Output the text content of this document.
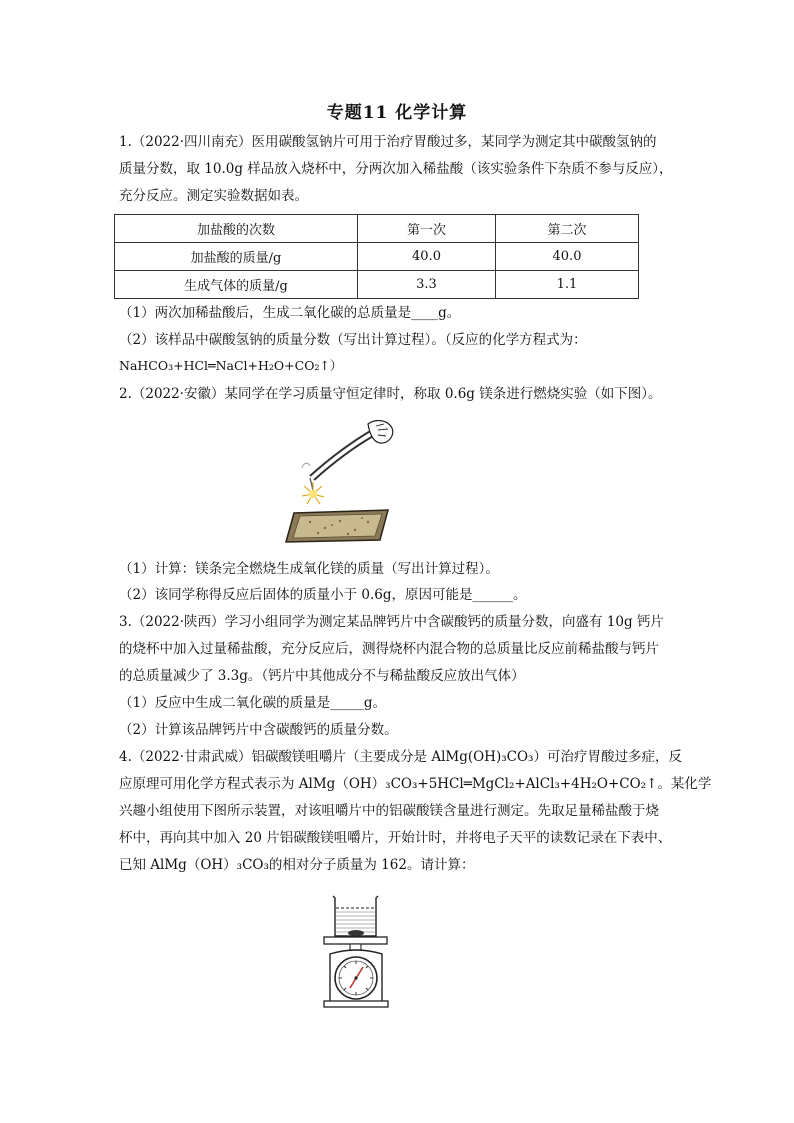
专题11 化学计算
1.（2022·四川南充）医用碳酸氢钠片可用于治疗胃酸过多，某同学为测定其中碳酸氢钠的
质量分数，取 10.0g 样品放入烧杯中，分两次加入稀盐酸（该实验条件下杂质不参与反应），
充分反应。测定实验数据如表。
加盐酸的次数	第一次	第二次
加盐酸的质量/g	40.0	40.0
生成气体的质量/g	3.3	1.1
（1）两次加稀盐酸后，生成二氧化碳的总质量是____g。
（2）该样品中碳酸氢钠的质量分数（写出计算过程）。（反应的化学方程式为：
NaHCO₃+HCl═NaCl+H₂O+CO₂↑）
2.（2022·安徽）某同学在学习质量守恒定律时，称取 0.6g 镁条进行燃烧实验（如下图）。
（1）计算：镁条完全燃烧生成氧化镁的质量（写出计算过程）。
（2）该同学称得反应后固体的质量小于 0.6g，原因可能是______。
3.（2022·陕西）学习小组同学为测定某品牌钙片中含碳酸钙的质量分数，向盛有 10g 钙片
的烧杯中加入过量稀盐酸，充分反应后，测得烧杯内混合物的总质量比反应前稀盐酸与钙片
的总质量减少了 3.3g。（钙片中其他成分不与稀盐酸反应放出气体）
（1）反应中生成二氧化碳的质量是_____g。
（2）计算该品牌钙片中含碳酸钙的质量分数。
4.（2022·甘肃武威）铝碳酸镁咀嚼片（主要成分是 AlMg(OH)₃CO₃）可治疗胃酸过多症，反
应原理可用化学方程式表示为 AlMg（OH）₃CO₃+5HCl═MgCl₂+AlCl₃+4H₂O+CO₂↑。某化学
兴趣小组使用下图所示装置，对该咀嚼片中的铝碳酸镁含量进行测定。先取足量稀盐酸于烧
杯中，再向其中加入 20 片铝碳酸镁咀嚼片，开始计时，并将电子天平的读数记录在下表中、
已知 AlMg（OH）₃CO₃的相对分子质量为 162。请计算：
